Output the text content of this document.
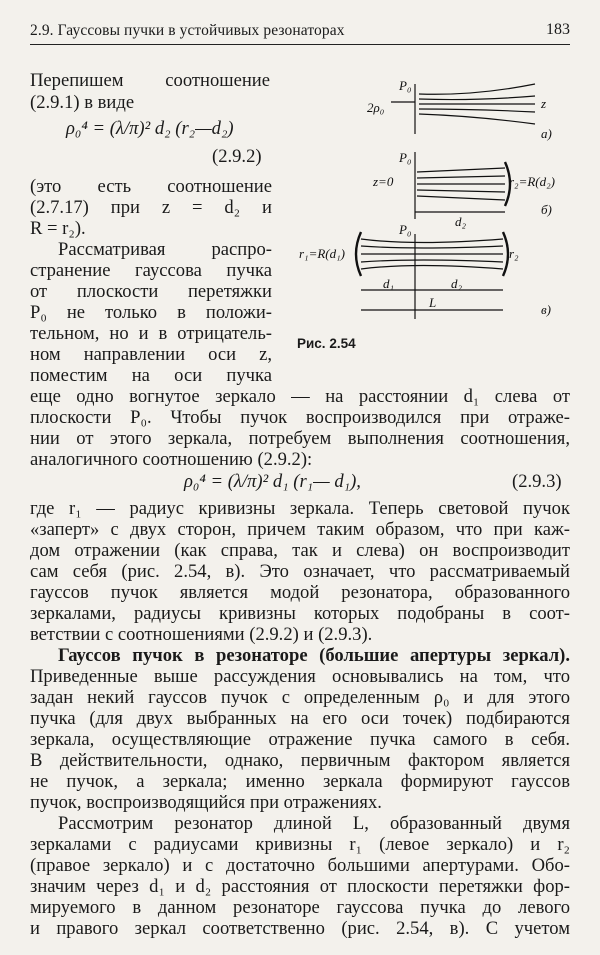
2.9. Гауссовы пучки в устойчивых резонаторах	183
Перепишем соотношение
(2.9.1) в виде
ρ₀⁴ = (λ/π)² d₂ (r₂—d₂)
(2.9.2)
(это есть соотношение
(2.7.17) при z = d₂ и
R = r₂).
Рассматривая распро-
странение гауссова пучка
от плоскости перетяжки
P₀ не только в положи-
тельном, но и в отрицатель-
ном направлении оси z,
поместим на оси пучка
P₀
2ρ₀	z
а)
P₀
z=0	r₂=R(d₂)
d₂
б)
P₀
r₁=R(d₁)	r₂
d₁	d₂
L	в)
Рис. 2.54
еще одно вогнутое зеркало — на расстоянии d₁ слева от
плоскости P₀. Чтобы пучок воспроизводился при отраже-
нии от этого зеркала, потребуем выполнения соотношения,
аналогичного соотношению (2.9.2):
ρ₀⁴ = (λ/π)² d₁ (r₁— d₁),	(2.9.3)
где r₁ — радиус кривизны зеркала. Теперь световой пучок
«заперт» с двух сторон, причем таким образом, что при каж-
дом отражении (как справа, так и слева) он воспроизводит
сам себя (рис. 2.54, в). Это означает, что рассматриваемый
гауссов пучок является модой резонатора, образованного
зеркалами, радиусы кривизны которых подобраны в соот-
ветствии с соотношениями (2.9.2) и (2.9.3).
Гауссов пучок в резонаторе (большие апертуры зеркал).
Приведенные выше рассуждения основывались на том, что
задан некий гауссов пучок с определенным ρ₀ и для этого
пучка (для двух выбранных на его оси точек) подбираются
зеркала, осуществляющие отражение пучка самого в себя.
В действительности, однако, первичным фактором является
не пучок, а зеркала; именно зеркала формируют гауссов
пучок, воспроизводящийся при отражениях.
Рассмотрим резонатор длиной L, образованный двумя
зеркалами с радиусами кривизны r₁ (левое зеркало) и r₂
(правое зеркало) и с достаточно большими апертурами. Обо-
значим через d₁ и d₂ расстояния от плоскости перетяжки фор-
мируемого в данном резонаторе гауссова пучка до левого
и правого зеркал соответственно (рис. 2.54, в). С учетом
